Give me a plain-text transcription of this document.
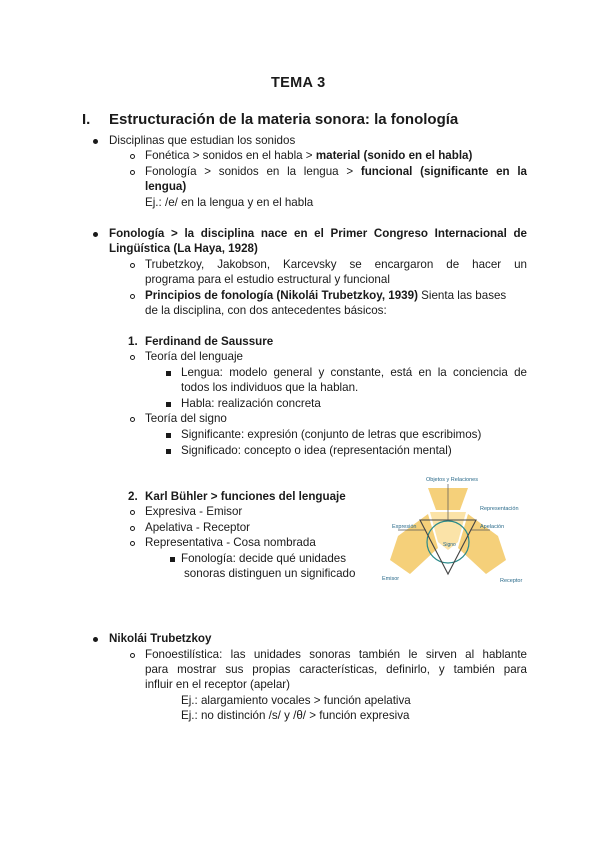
TEMA 3
I. Estructuración de la materia sonora: la fonología
Disciplinas que estudian los sonidos
Fonética > sonidos en el habla > material (sonido en el habla)
Fonología > sonidos en la lengua > funcional (significante en la
lengua)
Ej.: /e/ en la lengua y en el habla
Fonología > la disciplina nace en el Primer Congreso Internacional de
Lingüística (La Haya, 1928)
Trubetzkoy, Jakobson, Karcevsky se encargaron de hacer un
programa para el estudio estructural y funcional
Principios de fonología (Nikolái Trubetzkoy, 1939) Sienta las bases
de la disciplina, con dos antecedentes básicos:
1. Ferdinand de Saussure
Teoría del lenguaje
Lengua: modelo general y constante, está en la conciencia de
todos los individuos que la hablan.
Habla: realización concreta
Teoría del signo
Significante: expresión (conjunto de letras que escribimos)
Significado: concepto o idea (representación mental)
2. Karl Bühler > funciones del lenguaje
Expresiva - Emisor
Apelativa - Receptor
Representativa - Cosa nombrada
Fonología: decide qué unidades
sonoras distinguen un significado
Objetos y Relaciones
Representación
Expresión	Apelación
Signo
Emisor	Receptor
Nikolái Trubetzkoy
Fonoestilística: las unidades sonoras también le sirven al hablante
para mostrar sus propias características, definirlo, y también para
influir en el receptor (apelar)
Ej.: alargamiento vocales > función apelativa
Ej.: no distinción /s/ y /θ/ > función expresiva
